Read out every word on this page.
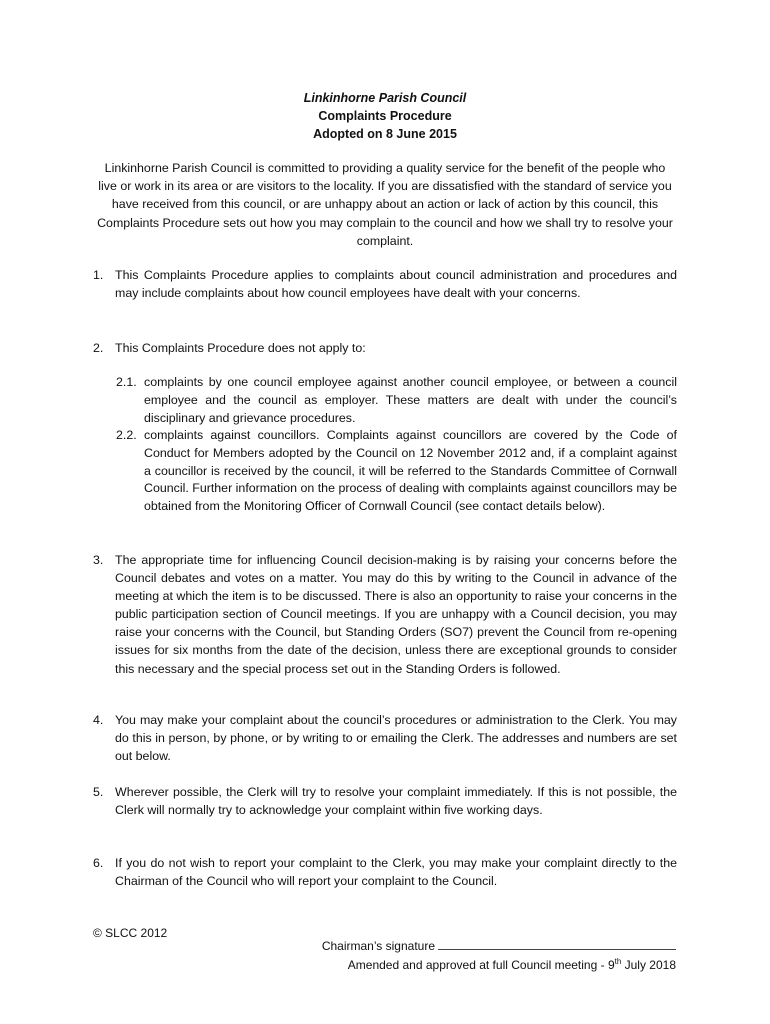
Linkinhorne Parish Council
Complaints Procedure
Adopted on 8 June 2015
Linkinhorne Parish Council is committed to providing a quality service for the benefit of the people who live or work in its area or are visitors to the locality. If you are dissatisfied with the standard of service you have received from this council, or are unhappy about an action or lack of action by this council, this Complaints Procedure sets out how you may complain to the council and how we shall try to resolve your complaint.
1. This Complaints Procedure applies to complaints about council administration and procedures and may include complaints about how council employees have dealt with your concerns.
2. This Complaints Procedure does not apply to:
2.1. complaints by one council employee against another council employee, or between a council employee and the council as employer. These matters are dealt with under the council’s disciplinary and grievance procedures.
2.2. complaints against councillors. Complaints against councillors are covered by the Code of Conduct for Members adopted by the Council on 12 November 2012 and, if a complaint against a councillor is received by the council, it will be referred to the Standards Committee of Cornwall Council. Further information on the process of dealing with complaints against councillors may be obtained from the Monitoring Officer of Cornwall Council (see contact details below).
3. The appropriate time for influencing Council decision-making is by raising your concerns before the Council debates and votes on a matter. You may do this by writing to the Council in advance of the meeting at which the item is to be discussed. There is also an opportunity to raise your concerns in the public participation section of Council meetings. If you are unhappy with a Council decision, you may raise your concerns with the Council, but Standing Orders (SO7) prevent the Council from re-opening issues for six months from the date of the decision, unless there are exceptional grounds to consider this necessary and the special process set out in the Standing Orders is followed.
4. You may make your complaint about the council’s procedures or administration to the Clerk. You may do this in person, by phone, or by writing to or emailing the Clerk. The addresses and numbers are set out below.
5. Wherever possible, the Clerk will try to resolve your complaint immediately. If this is not possible, the Clerk will normally try to acknowledge your complaint within five working days.
6. If you do not wish to report your complaint to the Clerk, you may make your complaint directly to the Chairman of the Council who will report your complaint to the Council.
© SLCC 2012
Chairman’s signature
Amended and approved at full Council meeting - 9th July 2018
